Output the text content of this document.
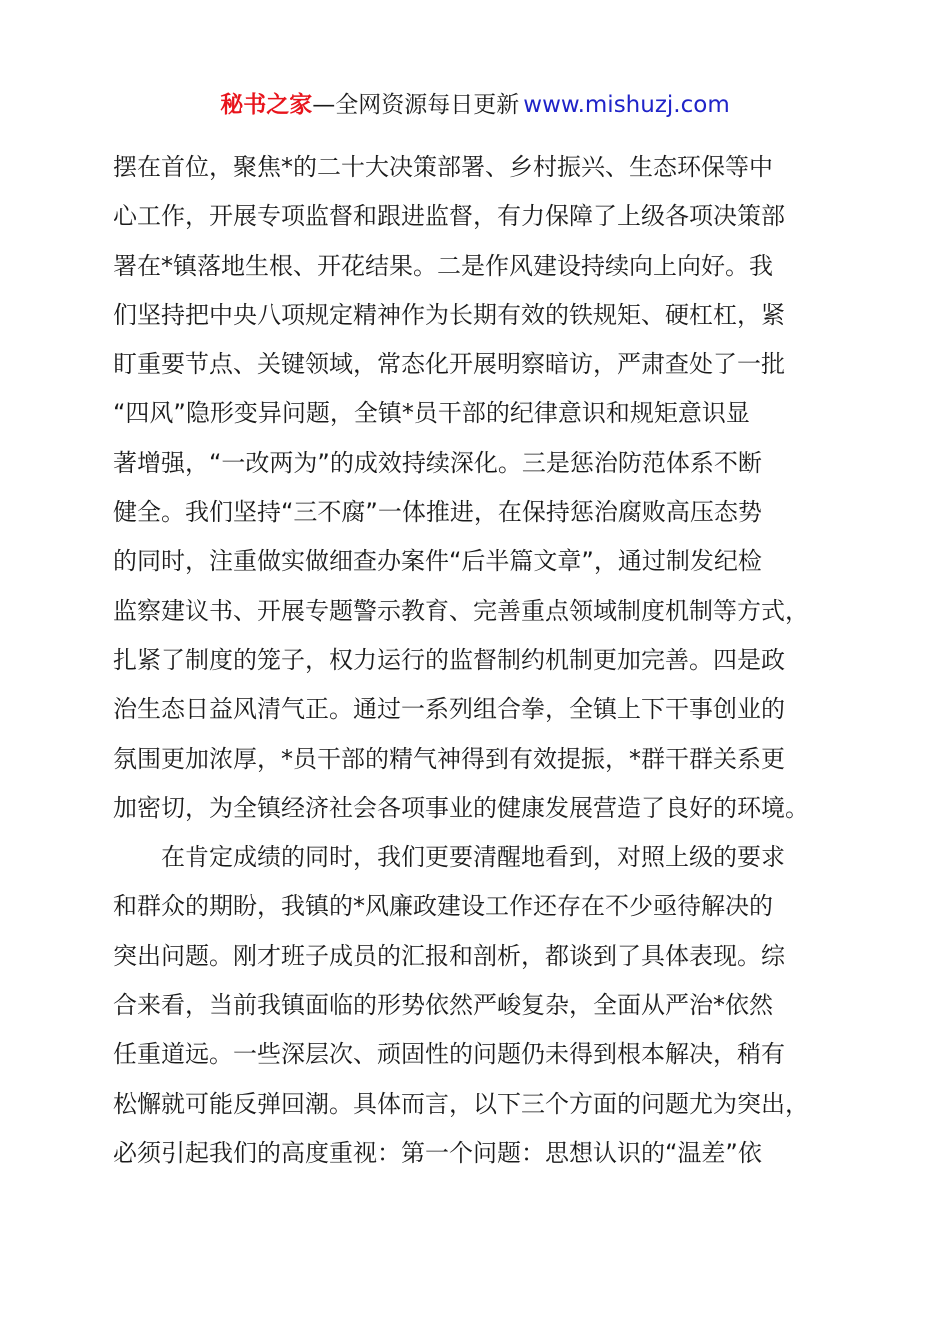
秘书之家—全网资源每日更新 www.mishuzj.com
摆在首位，聚焦*的二十大决策部署、乡村振兴、生态环保等中
心工作，开展专项监督和跟进监督，有力保障了上级各项决策部
署在*镇落地生根、开花结果。二是作风建设持续向上向好。我
们坚持把中央八项规定精神作为长期有效的铁规矩、硬杠杠，紧
盯重要节点、关键领域，常态化开展明察暗访，严肃查处了一批
“四风”隐形变异问题，全镇*员干部的纪律意识和规矩意识显
著增强，“一改两为”的成效持续深化。三是惩治防范体系不断
健全。我们坚持“三不腐”一体推进，在保持惩治腐败高压态势
的同时，注重做实做细查办案件“后半篇文章”，通过制发纪检
监察建议书、开展专题警示教育、完善重点领域制度机制等方式，
扎紧了制度的笼子，权力运行的监督制约机制更加完善。四是政
治生态日益风清气正。通过一系列组合拳，全镇上下干事创业的
氛围更加浓厚，*员干部的精气神得到有效提振，*群干群关系更
加密切，为全镇经济社会各项事业的健康发展营造了良好的环境。
在肯定成绩的同时，我们更要清醒地看到，对照上级的要求
和群众的期盼，我镇的*风廉政建设工作还存在不少亟待解决的
突出问题。刚才班子成员的汇报和剖析，都谈到了具体表现。综
合来看，当前我镇面临的形势依然严峻复杂，全面从严治*依然
任重道远。一些深层次、顽固性的问题仍未得到根本解决，稍有
松懈就可能反弹回潮。具体而言，以下三个方面的问题尤为突出，
必须引起我们的高度重视：第一个问题：思想认识的“温差”依
